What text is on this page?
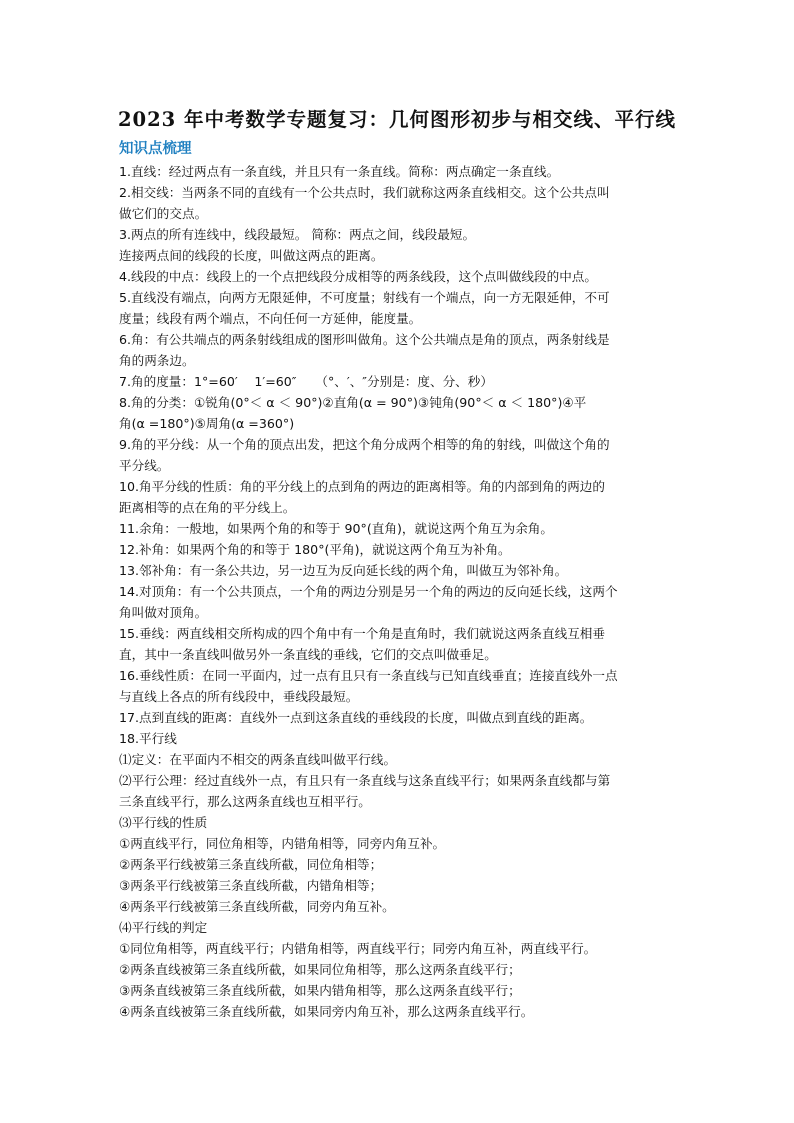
2023 年中考数学专题复习：几何图形初步与相交线、平行线
知识点梳理
1.直线：经过两点有一条直线，并且只有一条直线。简称：两点确定一条直线。
2.相交线：当两条不同的直线有一个公共点时，我们就称这两条直线相交。这个公共点叫
做它们的交点。
3.两点的所有连线中，线段最短。 简称：两点之间，线段最短。
连接两点间的线段的长度，叫做这两点的距离。
4.线段的中点：线段上的一个点把线段分成相等的两条线段，这个点叫做线段的中点。
5.直线没有端点，向两方无限延伸，不可度量；射线有一个端点，向一方无限延伸，不可
度量；线段有两个端点，不向任何一方延伸，能度量。
6.角：有公共端点的两条射线组成的图形叫做角。这个公共端点是角的顶点，两条射线是
角的两条边。
7.角的度量：1°=60′　 1′=60″　　（°、′、″分别是：度、分、秒）
8.角的分类：①锐角(0°＜ α ＜ 90°)②直角(α = 90°)③钝角(90°＜ α ＜ 180°)④平
角(α =180°)⑤周角(α =360°)
9.角的平分线：从一个角的顶点出发，把这个角分成两个相等的角的射线，叫做这个角的
平分线。
10.角平分线的性质：角的平分线上的点到角的两边的距离相等。角的内部到角的两边的
距离相等的点在角的平分线上。
11.余角：一般地，如果两个角的和等于 90°(直角)，就说这两个角互为余角。
12.补角：如果两个角的和等于 180°(平角)，就说这两个角互为补角。
13.邻补角：有一条公共边，另一边互为反向延长线的两个角，叫做互为邻补角。
14.对顶角：有一个公共顶点，一个角的两边分别是另一个角的两边的反向延长线，这两个
角叫做对顶角。
15.垂线：两直线相交所构成的四个角中有一个角是直角时，我们就说这两条直线互相垂
直，其中一条直线叫做另外一条直线的垂线，它们的交点叫做垂足。
16.垂线性质：在同一平面内，过一点有且只有一条直线与已知直线垂直；连接直线外一点
与直线上各点的所有线段中，垂线段最短。
17.点到直线的距离：直线外一点到这条直线的垂线段的长度，叫做点到直线的距离。
18.平行线
⑴定义：在平面内不相交的两条直线叫做平行线。
⑵平行公理：经过直线外一点，有且只有一条直线与这条直线平行；如果两条直线都与第
三条直线平行，那么这两条直线也互相平行。
⑶平行线的性质
①两直线平行，同位角相等，内错角相等，同旁内角互补。
②两条平行线被第三条直线所截，同位角相等；
③两条平行线被第三条直线所截，内错角相等；
④两条平行线被第三条直线所截，同旁内角互补。
⑷平行线的判定
①同位角相等，两直线平行；内错角相等，两直线平行；同旁内角互补，两直线平行。
②两条直线被第三条直线所截，如果同位角相等，那么这两条直线平行；
③两条直线被第三条直线所截，如果内错角相等，那么这两条直线平行；
④两条直线被第三条直线所截，如果同旁内角互补，那么这两条直线平行。
